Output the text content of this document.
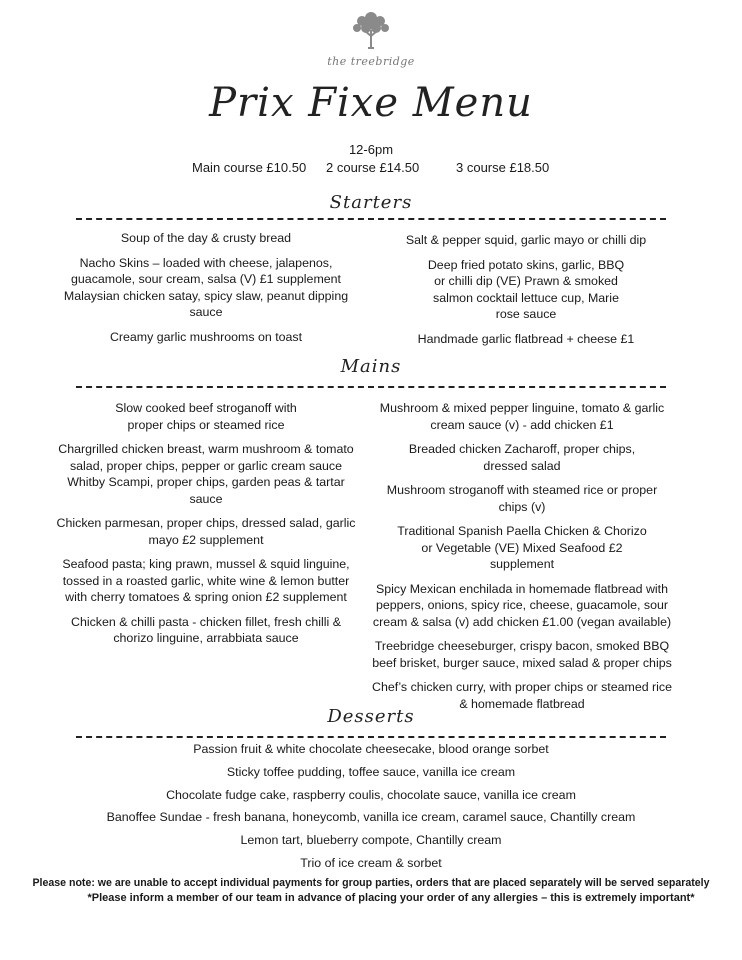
the treebridge
Prix Fixe Menu
12-6pm
Main course £10.50 2 course £14.50	3 course £18.50
Starters
Soup of the day & crusty bread
Nacho Skins – loaded with cheese, jalapenos, guacamole, sour cream, salsa (V) £1 supplement Malaysian chicken satay, spicy slaw, peanut dipping sauce
Creamy garlic mushrooms on toast
Salt & pepper squid, garlic mayo or chilli dip
Deep fried potato skins, garlic, BBQ or chilli dip (VE) Prawn & smoked salmon cocktail lettuce cup, Marie rose sauce
Handmade garlic flatbread + cheese £1
Mains
Slow cooked beef stroganoff with proper chips or steamed rice
Chargrilled chicken breast, warm mushroom & tomato salad, proper chips, pepper or garlic cream sauce Whitby Scampi, proper chips, garden peas & tartar sauce
Chicken parmesan, proper chips, dressed salad, garlic mayo £2 supplement
Seafood pasta; king prawn, mussel & squid linguine, tossed in a roasted garlic, white wine & lemon butter with cherry tomatoes & spring onion £2 supplement
Chicken & chilli pasta - chicken fillet, fresh chilli & chorizo linguine, arrabbiata sauce
Mushroom & mixed pepper linguine, tomato & garlic cream sauce (v) - add chicken £1
Breaded chicken Zacharoff, proper chips, dressed salad
Mushroom stroganoff with steamed rice or proper chips (v)
Traditional Spanish Paella Chicken & Chorizo or Vegetable (VE) Mixed Seafood £2 supplement
Spicy Mexican enchilada in homemade flatbread with peppers, onions, spicy rice, cheese, guacamole, sour cream & salsa (v) add chicken £1.00 (vegan available)
Treebridge cheeseburger, crispy bacon, smoked BBQ beef brisket, burger sauce, mixed salad & proper chips
Chef’s chicken curry, with proper chips or steamed rice & homemade flatbread
Desserts
Passion fruit & white chocolate cheesecake, blood orange sorbet
Sticky toffee pudding, toffee sauce, vanilla ice cream
Chocolate fudge cake, raspberry coulis, chocolate sauce, vanilla ice cream
Banoffee Sundae - fresh banana, honeycomb, vanilla ice cream, caramel sauce, Chantilly cream
Lemon tart, blueberry compote, Chantilly cream
Trio of ice cream & sorbet
Please note: we are unable to accept individual payments for group parties, orders that are placed separately will be served separately
*Please inform a member of our team in advance of placing your order of any allergies – this is extremely important*
